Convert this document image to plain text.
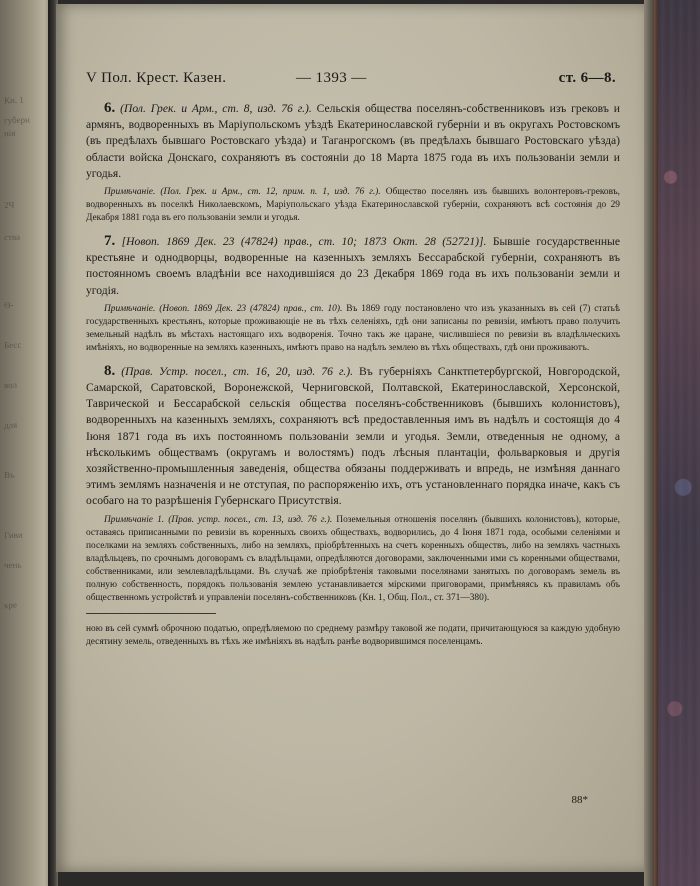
Кн. 1
губерн
нія
2Ч
ства
Ѳ-
Бесс
вол
для
Въ
Гиви
чень
кре
V Пол. Крест. Казен.	— 1393 —	ст. 6—8.

6. (Пол. Грек. и Арм., ст. 8, изд. 76 г.). Сельскія общества поселянъ-собственниковъ изъ грековъ и армянъ, водворенныхъ въ Маріупольскомъ уѣздѣ Екатеринославской губерніи и въ округахъ Ростовскомъ (въ предѣлахъ бывшаго Ростовскаго уѣзда) и Таганрогскомъ (въ предѣлахъ бывшаго Ростовскаго уѣзда) области войска Донскаго, сохраняютъ въ состояніи до 18 Марта 1875 года въ ихъ пользованіи земли и угодья.

Примѣчаніе. (Пол. Грек. и Арм., ст. 12, прим. п. 1, изд. 76 г.). Общество поселянъ изъ бывшихъ волонтеровъ-грековъ, водворенныхъ въ поселкѣ Николаевскомъ, Маріупольскаго уѣзда Екатеринославской губерніи, сохраняютъ всѣ состоянія до 29 Декабря 1881 года въ его пользованіи земли и угодья.

7. [Новоп. 1869 Дек. 23 (47824) прав., ст. 10; 1873 Окт. 28 (52721)]. Бывшіе государственные крестьяне и однодворцы, водворенные на казенныхъ земляхъ Бессарабской губерніи, сохраняютъ въ постоянномъ своемъ владѣніи все находившіяся до 23 Декабря 1869 года въ ихъ пользованіи земли и угодія.

Примѣчаніе. (Новоп. 1869 Дек. 23 (47824) прав., ст. 10). Въ 1869 году постановлено что изъ указанныхъ въ сей (7) статьѣ государственныхъ крестьянъ, которые проживающіе не въ тѣхъ селеніяхъ, гдѣ они записаны по ревизіи, имѣютъ право получить земельный надѣлъ въ мѣстахъ настоящаго ихъ водворенія. Точно такъ же царане, числившіеся по ревизіи въ владѣльческихъ имѣніяхъ, но водворенные на земляхъ казенныхъ, имѣютъ право на надѣлъ землею въ тѣхъ обществахъ, гдѣ они проживаютъ.

8. (Прав. Устр. посел., ст. 16, 20, изд. 76 г.). Въ губерніяхъ Санктпетербургской, Новгородской, Самарской, Саратовской, Воронежской, Черниговской, Полтавской, Екатеринославской, Херсонской, Таврической и Бессарабской сельскія общества поселянъ-собственниковъ (бывшихъ колонистовъ), водворенныхъ на казенныхъ земляхъ, сохраняютъ всѣ предоставленныя имъ въ надѣлъ и состоящія до 4 Іюня 1871 года въ ихъ постоянномъ пользованіи земли и угодья. Земли, отведенныя не одному, а нѣсколькимъ обществамъ (округамъ и волостямъ) подъ лѣсныя плантаціи, фольварковыя и другія хозяйственно-промышленныя заведенія, общества обязаны поддерживать и впредь, не измѣняя даннаго этимъ землямъ назначенія и не отступая, по распоряженію ихъ, отъ установленнаго порядка иначе, какъ съ особаго на то разрѣшенія Губернскаго Присутствія.

Примѣчаніе 1. (Прав. устр. посел., ст. 13, изд. 76 г.). Поземельныя отношенія поселянъ (бывшихъ колонистовъ), которые, оставаясь приписанными по ревизіи въ коренныхъ своихъ обществахъ, водворились, до 4 Іюня 1871 года, особыми селеніями и поселками на земляхъ собственныхъ, либо на земляхъ, пріобрѣтенныхъ на счетъ коренныхъ обществъ, либо на земляхъ частныхъ владѣльцевъ, по срочнымъ договорамъ съ владѣльцами, опредѣляются договорами, заключенными ими съ коренными обществами, собственниками, или землевладѣльцами. Въ случаѣ же пріобрѣтенія таковыми поселянами занятыхъ по договорамъ земель въ полную собственность, порядокъ пользованія землею устанавливается мірскими приговорами, примѣняясь къ правиламъ объ общественномъ устройствѣ и управленіи поселянъ-собственниковъ (Кн. 1, Общ. Пол., ст. 371—380).

ною въ сей суммѣ оброчною податью, опредѣляемою по среднему размѣру таковой же подати, причитающуюся за каждую удобную десятину земель, отведенныхъ въ тѣхъ же имѣніяхъ въ надѣлъ ранѣе водворившимся поселенцамъ.

88*
